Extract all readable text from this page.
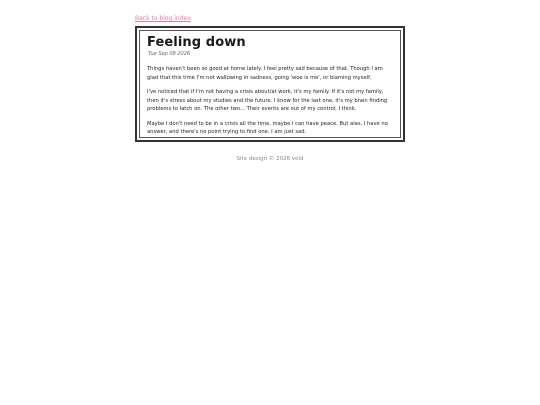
Back to blog index
Feeling down
Tue Sep 08 2026

Things haven't been so good at home lately. I feel pretty sad because of that. Though I am glad that this time I'm not wallowing in sadness, going 'woe is me', or blaming myself.

I've noticed that if I'm not having a crisis about/at work, it's my family. If it's not my family, then it's stress about my studies and the future. I know for the last one, it's my brain finding problems to latch on. The other two... Their events are out of my control, I think.

Maybe I don't need to be in a crisis all the time, maybe I can have peace. But alas, I have no answer, and there's no point trying to find one. I am just sad.

Site design © 2026 void
